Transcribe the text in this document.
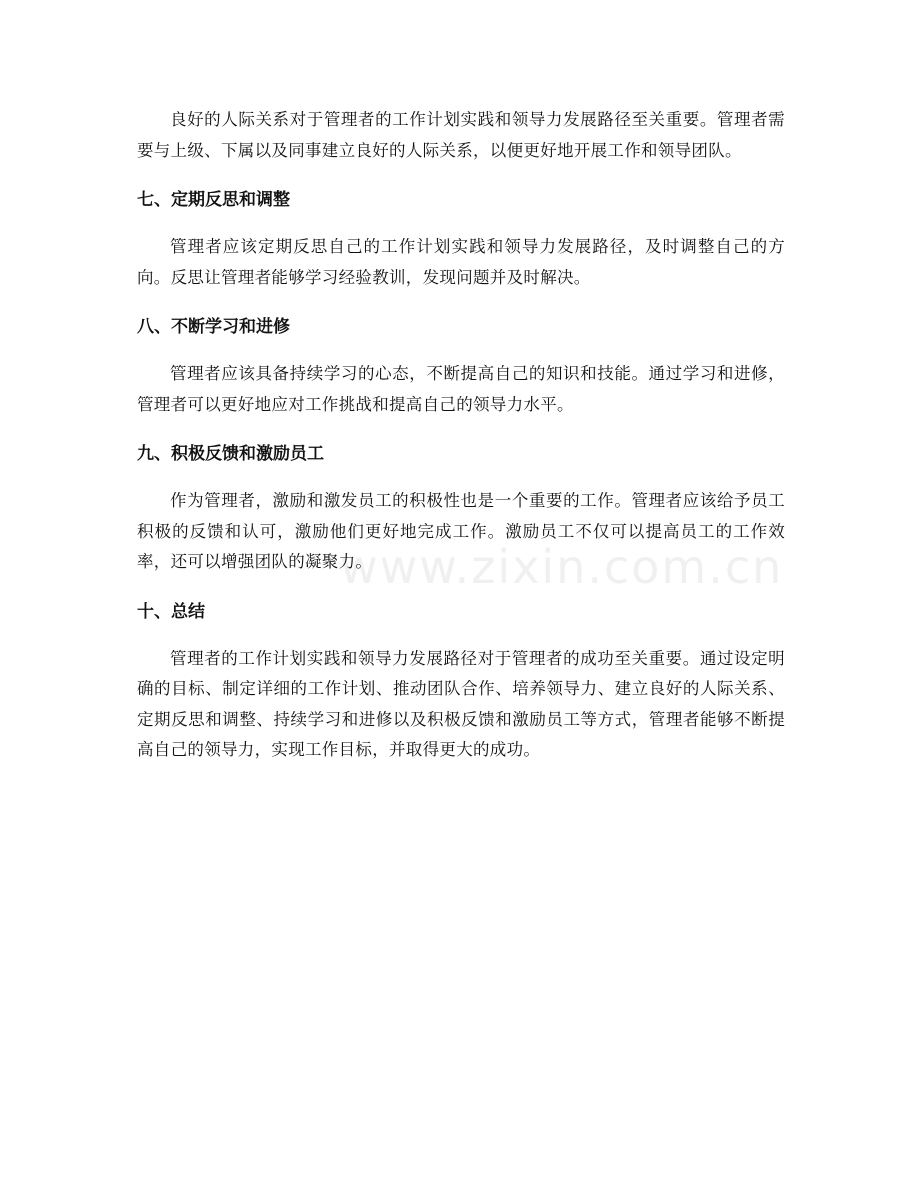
www.zixin.com.cn

良好的人际关系对于管理者的工作计划实践和领导力发展路径至关重要。管理者需要与上级、下属以及同事建立良好的人际关系，以便更好地开展工作和领导团队。

七、定期反思和调整

管理者应该定期反思自己的工作计划实践和领导力发展路径，及时调整自己的方向。反思让管理者能够学习经验教训，发现问题并及时解决。

八、不断学习和进修

管理者应该具备持续学习的心态，不断提高自己的知识和技能。通过学习和进修，管理者可以更好地应对工作挑战和提高自己的领导力水平。

九、积极反馈和激励员工

作为管理者，激励和激发员工的积极性也是一个重要的工作。管理者应该给予员工积极的反馈和认可，激励他们更好地完成工作。激励员工不仅可以提高员工的工作效率，还可以增强团队的凝聚力。

十、总结

管理者的工作计划实践和领导力发展路径对于管理者的成功至关重要。通过设定明确的目标、制定详细的工作计划、推动团队合作、培养领导力、建立良好的人际关系、定期反思和调整、持续学习和进修以及积极反馈和激励员工等方式，管理者能够不断提高自己的领导力，实现工作目标，并取得更大的成功。
